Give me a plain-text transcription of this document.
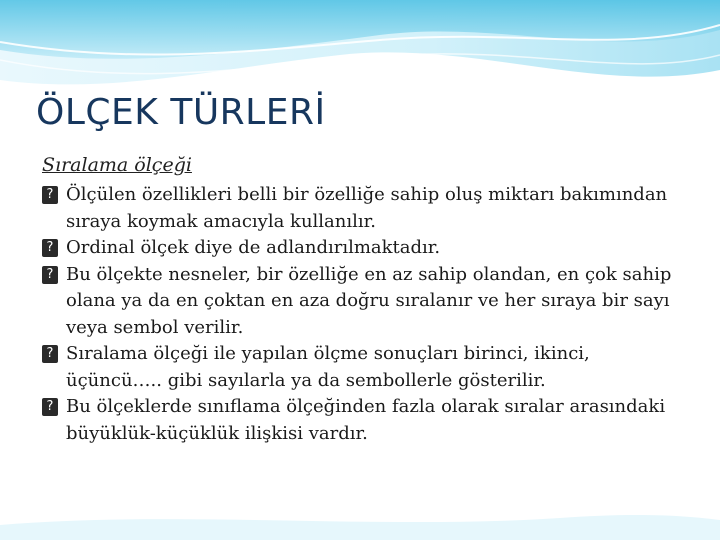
ÖLÇEK TÜRLERİ
Sıralama ölçeği
? Ölçülen özellikleri belli bir özelliğe sahip oluş miktarı bakımından sıraya koymak amacıyla kullanılır.
? Ordinal ölçek diye de adlandırılmaktadır.
? Bu ölçekte nesneler, bir özelliğe en az sahip olandan, en çok sahip olana ya da en çoktan en aza doğru sıralanır ve her sıraya bir sayı veya sembol verilir.
? Sıralama ölçeği ile yapılan ölçme sonuçları birinci, ikinci, üçüncü….. gibi sayılarla ya da sembollerle gösterilir.
? Bu ölçeklerde sınıflama ölçeğinden fazla olarak sıralar arasındaki büyüklük-küçüklük ilişkisi vardır.
